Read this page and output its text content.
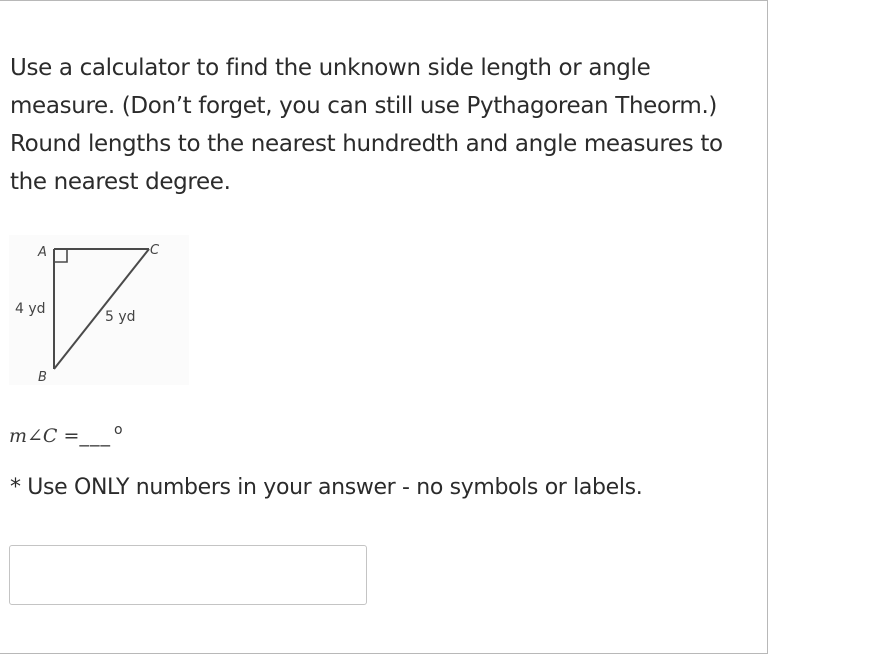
Use a calculator to find the unknown side length or angle
measure. (Don’t forget, you can still use Pythagorean Theorm.)
Round lengths to the nearest hundredth and angle measures to
the nearest degree.

A	C
B
4 yd	5 yd
m∠C =___ $^o$

* Use ONLY numbers in your answer - no symbols or labels.
